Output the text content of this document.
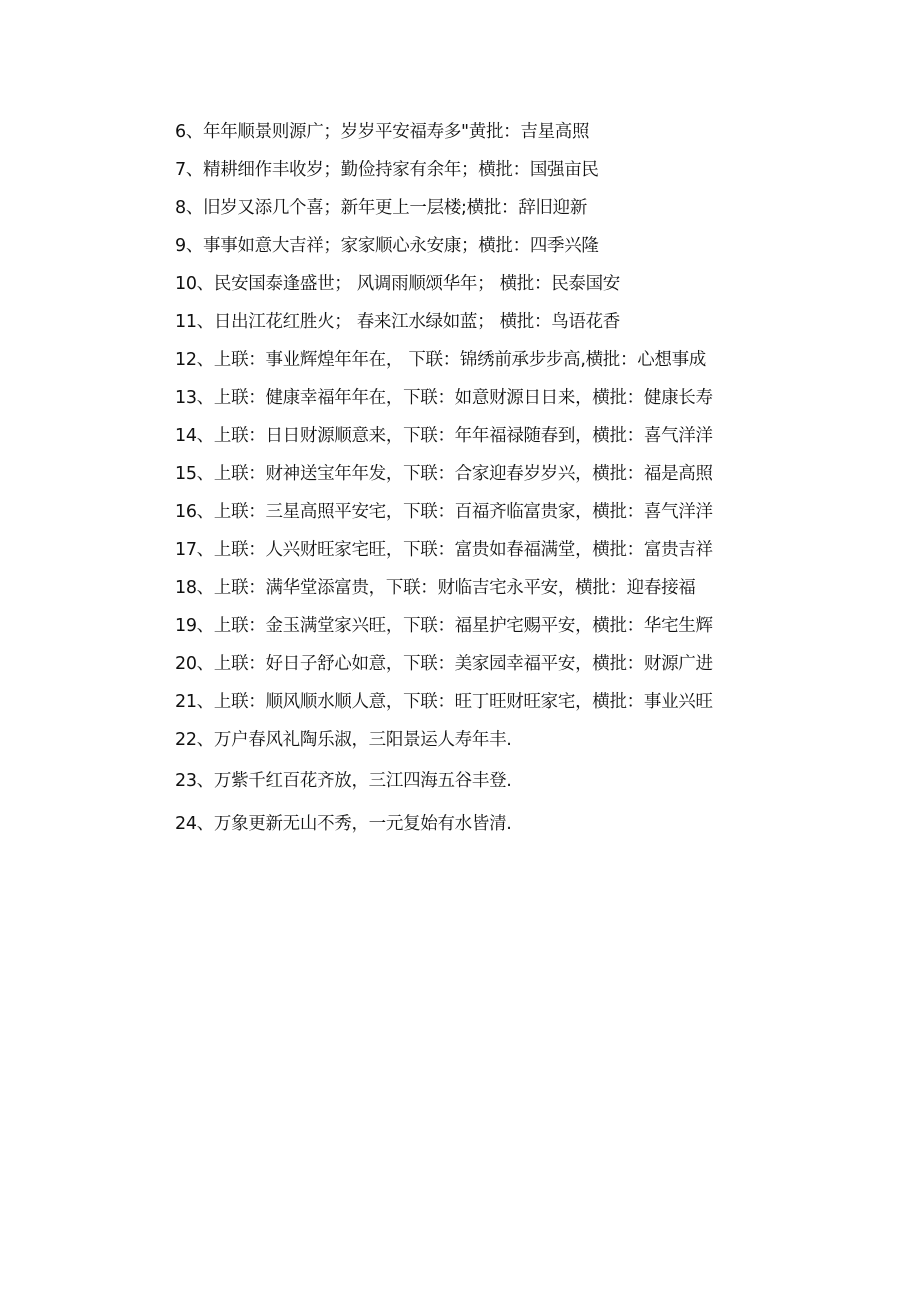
6、年年顺景则源广；岁岁平安福寿多"黄批：吉星高照
7、精耕细作丰收岁；勤俭持家有余年；横批：国强亩民
8、旧岁又添几个喜；新年更上一层楼;横批：辞旧迎新
9、事事如意大吉祥；家家顺心永安康；横批：四季兴隆
10、民安国泰逢盛世； 风调雨顺颂华年； 横批：民泰国安
11、日出江花红胜火； 春来江水绿如蓝； 横批：鸟语花香
12、上联：事业辉煌年年在， 下联：锦绣前承步步高,横批：心想事成
13、上联：健康幸福年年在，下联：如意财源日日来，横批：健康长寿
14、上联：日日财源顺意来，下联：年年福禄随春到，横批：喜气洋洋
15、上联：财神送宝年年发，下联：合家迎春岁岁兴，横批：福是高照
16、上联：三星高照平安宅，下联：百福齐临富贵家，横批：喜气洋洋
17、上联：人兴财旺家宅旺，下联：富贵如春福满堂，横批：富贵吉祥
18、上联：满华堂添富贵，下联：财临吉宅永平安，横批：迎春接福
19、上联：金玉满堂家兴旺，下联：福星护宅赐平安，横批：华宅生辉
20、上联：好日子舒心如意，下联：美家园幸福平安，横批：财源广进
21、上联：顺风顺水顺人意，下联：旺丁旺财旺家宅，横批：事业兴旺
22、万户春风礼陶乐淑，三阳景运人寿年丰.
23、万紫千红百花齐放，三江四海五谷丰登.
24、万象更新无山不秀，一元复始有水皆清.
